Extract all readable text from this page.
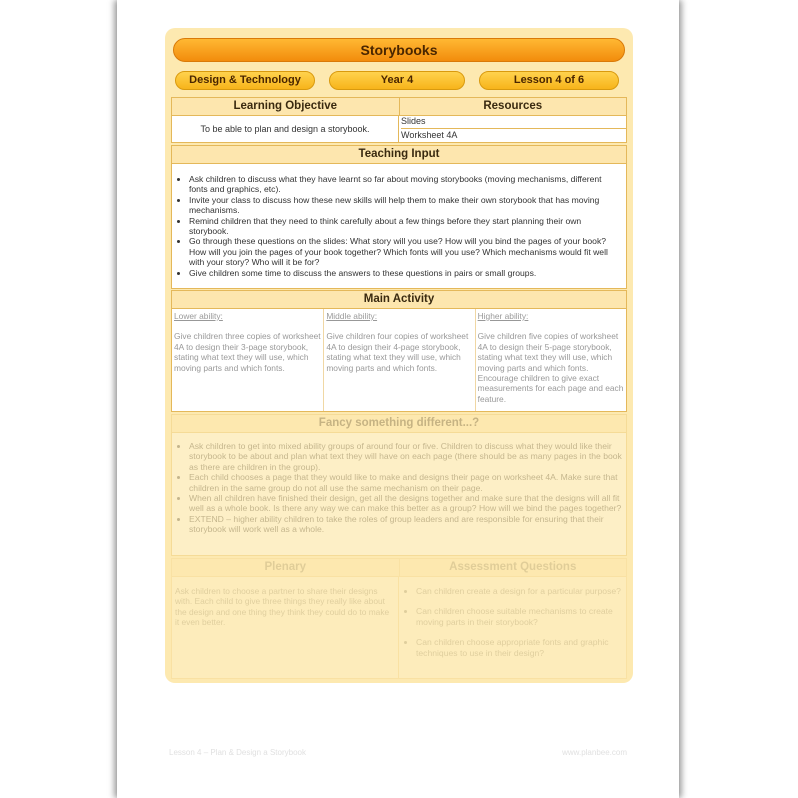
Storybooks
Design & Technology	Year 4	Lesson 4 of 6
Learning Objective	Resources
To be able to plan and design a storybook.
Slides
Worksheet 4A
Teaching Input
• Ask children to discuss what they have learnt so far about moving storybooks (moving mechanisms, different fonts and graphics, etc).
• Invite your class to discuss how these new skills will help them to make their own storybook that has moving mechanisms.
• Remind children that they need to think carefully about a few things before they start planning their own storybook.
• Go through these questions on the slides: What story will you use? How will you bind the pages of your book? How will you join the pages of your book together? Which fonts will you use? Which mechanisms would fit well with your story? Who will it be for?
• Give children some time to discuss the answers to these questions in pairs or small groups.
Main Activity
Lower ability:
Give children three copies of worksheet 4A to design their 3-page storybook, stating what text they will use, which moving parts and which fonts.
Middle ability:
Give children four copies of worksheet 4A to design their 4-page storybook, stating what text they will use, which moving parts and which fonts.
Higher ability:
Give children five copies of worksheet 4A to design their 5-page storybook, stating what text they will use, which moving parts and which fonts. Encourage children to give exact measurements for each page and each feature.
Fancy something different...?
• Ask children to get into mixed ability groups of around four or five. Children to discuss what they would like their storybook to be about and plan what text they will have on each page (there should be as many pages in the book as there are children in the group).
• Each child chooses a page that they would like to make and designs their page on worksheet 4A. Make sure that children in the same group do not all use the same mechanism on their page.
• When all children have finished their design, get all the designs together and make sure that the designs will all fit well as a whole book. Is there any way we can make this better as a group? How will we bind the pages together?
• EXTEND – higher ability children to take the roles of group leaders and are responsible for ensuring that their storybook will work well as a whole.
Plenary	Assessment Questions
Ask children to choose a partner to share their designs with. Each child to give three things they really like about the design and one thing they think they could do to make it even better.
• Can children create a design for a particular purpose?
• Can children choose suitable mechanisms to create moving parts in their storybook?
• Can children choose appropriate fonts and graphic techniques to use in their design?
Lesson 4 – Plan & Design a Storybook	www.planbee.com
